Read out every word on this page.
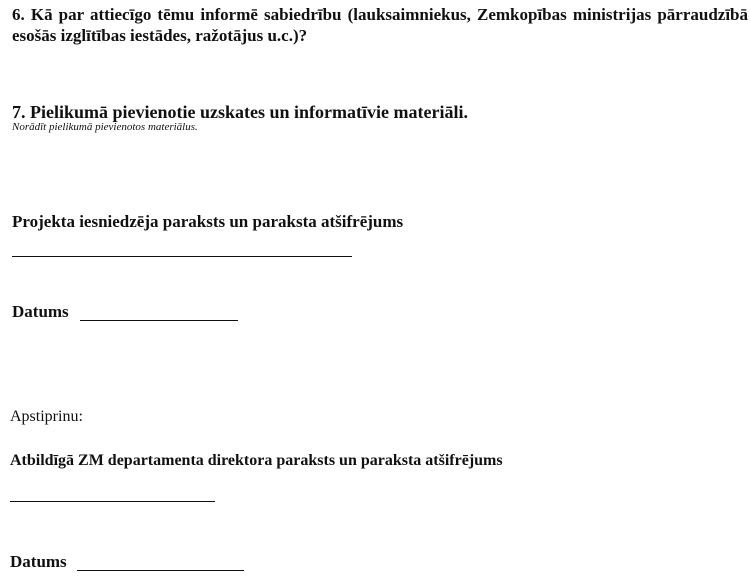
6. Kā par attiecīgo tēmu informē sabiedrību (lauksaimniekus, Zemkopības ministrijas pārraudzībā esošās izglītības iestādes, ražotājus u.c.)?
7. Pielikumā pievienotie uzskates un informatīvie materiāli.
Norādīt pielikumā pievienotos materiālus.
Projekta iesniedzēja paraksts un paraksta atšifrējums
Datums
Apstiprinu:
Atbildīgā ZM departamenta direktora paraksts un paraksta atšifrējums
Datums
